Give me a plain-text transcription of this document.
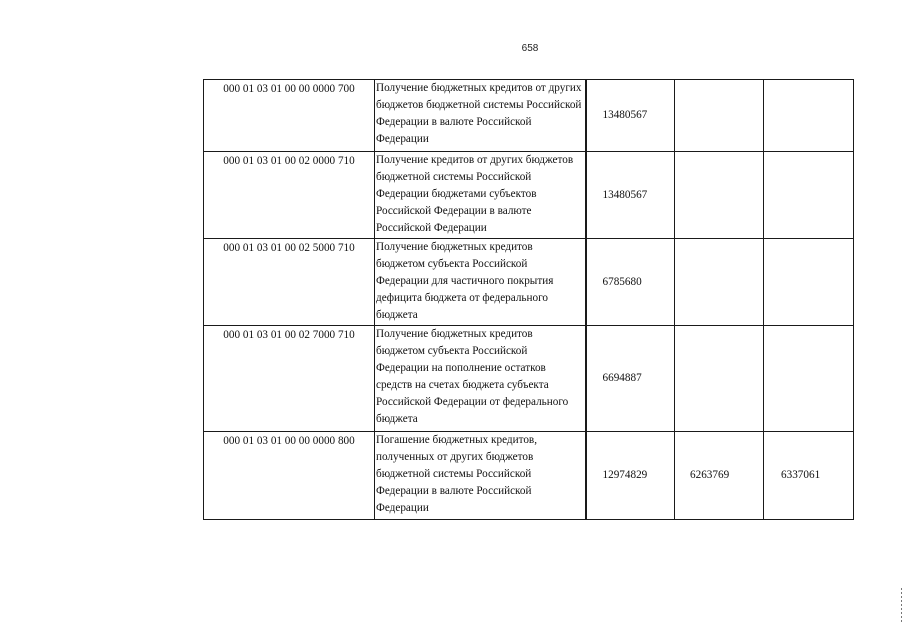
658
000 01 03 01 00 00 0000 700	Получение бюджетных кредитов от других бюджетов бюджетной системы Российской Федерации в валюте Российской Федерации	13480567		
000 01 03 01 00 02 0000 710	Получение кредитов от других бюджетов бюджетной системы Российской Федерации бюджетами субъектов Российской Федерации в валюте Российской Федерации	13480567		
000 01 03 01 00 02 5000 710	Получение бюджетных кредитов бюджетом субъекта Российской Федерации для частичного покрытия дефицита бюджета от федерального бюджета	6785680		
000 01 03 01 00 02 7000 710	Получение бюджетных кредитов бюджетом субъекта Российской Федерации на пополнение остатков средств на счетах бюджета субъекта Российской Федерации от федерального бюджета	6694887		
000 01 03 01 00 00 0000 800	Погашение бюджетных кредитов, полученных от других бюджетов бюджетной системы Российской Федерации в валюте Российской Федерации	12974829	6263769	6337061
